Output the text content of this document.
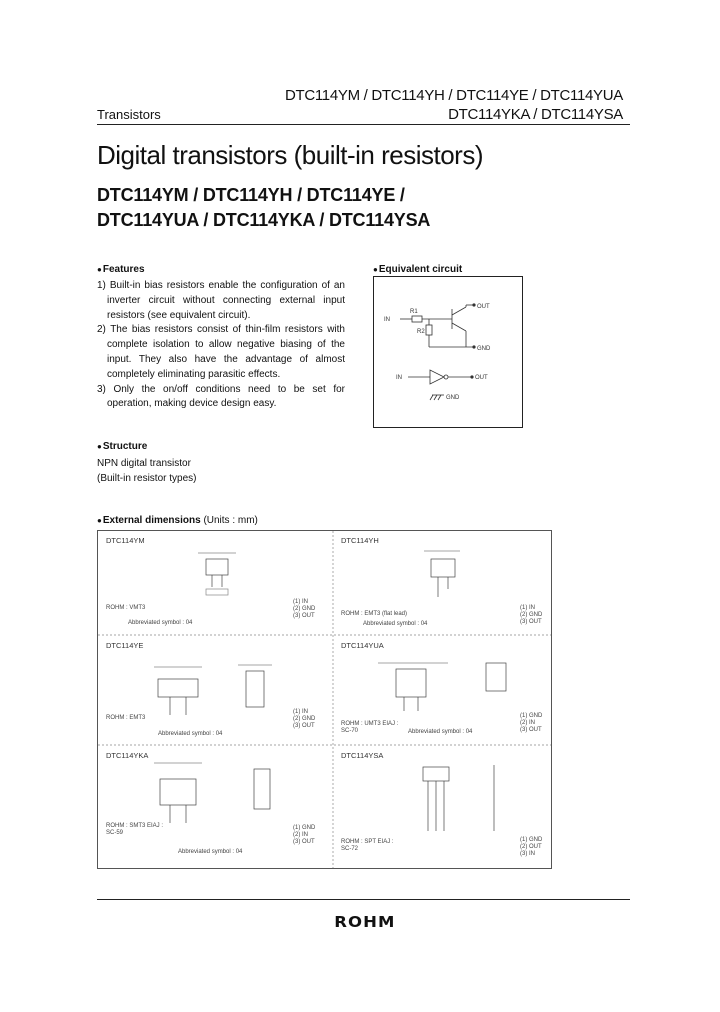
DTC114YM / DTC114YH / DTC114YE / DTC114YUA
DTC114YKA / DTC114YSA
Transistors
Digital transistors (built-in resistors)
DTC114YM / DTC114YH / DTC114YE /
DTC114YUA / DTC114YKA / DTC114YSA
● Features

1) Built-in bias resistors enable the configuration of an inverter circuit without connecting external input resistors (see equivalent circuit).

2) The bias resistors consist of thin-film resistors with complete isolation to allow negative biasing of the input. They also have the advantage of almost completely eliminating parasitic effects.

3) Only the on/off conditions need to be set for operation, making device design easy.

● Equivalent circuit
IN
R1
R2
OUT
GND
IN	OUT
GND
● Structure
NPN digital transistor
(Built-in resistor types)
● External dimensions (Units : mm)
DTC114YM	DTC114YH
DTC114YE	DTC114YUA
DTC114YKA	DTC114YSA
ROHM : VMT3
(1) IN
(2) GND
(3) OUT
Abbreviated symbol : 04
ROHM : EMT3 (flat lead)
(1) IN
(2) GND
(3) OUT
Abbreviated symbol : 04
ROHM : EMT3
(1) IN
(2) GND
(3) OUT
Abbreviated symbol : 04
ROHM : UMT3 EIAJ : SC-70
(1) GND
(2) IN
(3) OUT
Abbreviated symbol : 04
ROHM : SMT3 EIAJ : SC-59
(1) GND
(2) IN
(3) OUT
Abbreviated symbol : 04
ROHM : SPT EIAJ : SC-72
(1) GND
(2) OUT
(3) IN
ROHM
